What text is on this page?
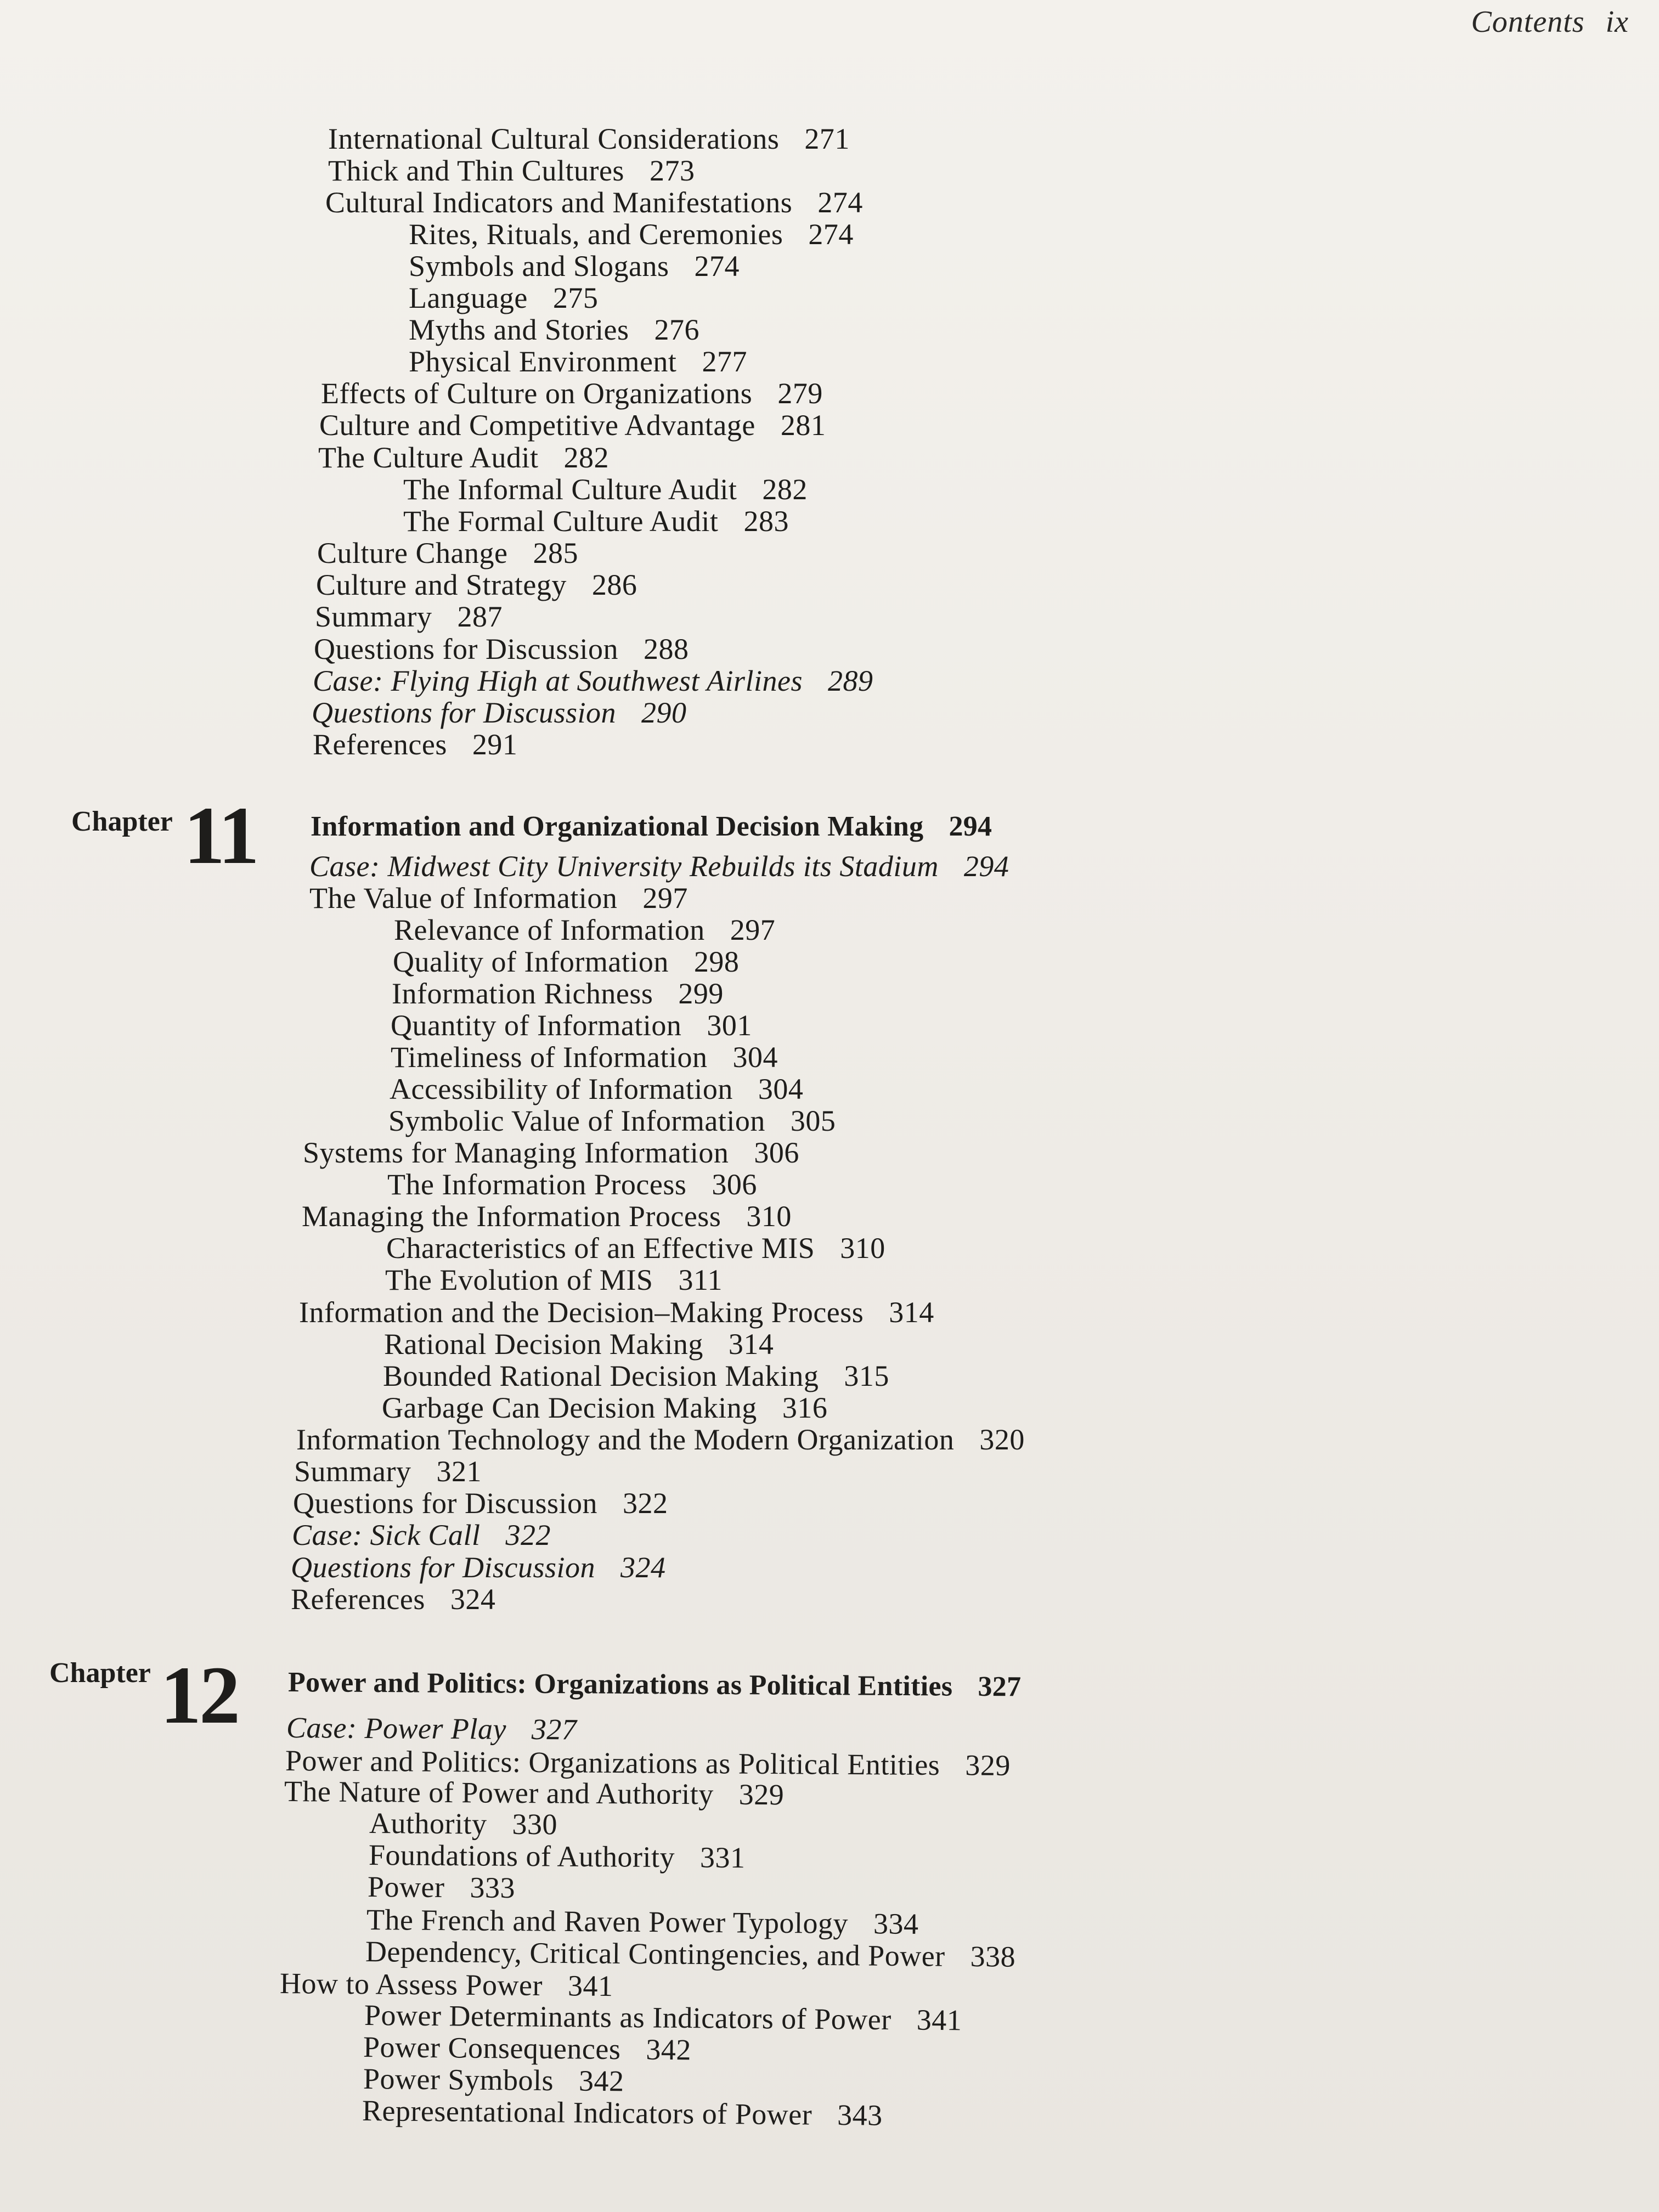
Contents ix
Chapter 11
Chapter 12
International Cultural Considerations 271
Thick and Thin Cultures 273
Cultural Indicators and Manifestations 274
Rites, Rituals, and Ceremonies 274
Symbols and Slogans 274
Language 275
Myths and Stories 276
Physical Environment 277
Effects of Culture on Organizations 279
Culture and Competitive Advantage 281
The Culture Audit 282
The Informal Culture Audit 282
The Formal Culture Audit 283
Culture Change 285
Culture and Strategy 286
Summary 287
Questions for Discussion 288
Case: Flying High at Southwest Airlines 289
Questions for Discussion 290
References 291
Information and Organizational Decision Making 294
Case: Midwest City University Rebuilds its Stadium 294
The Value of Information 297
Relevance of Information 297
Quality of Information 298
Information Richness 299
Quantity of Information 301
Timeliness of Information 304
Accessibility of Information 304
Symbolic Value of Information 305
Systems for Managing Information 306
The Information Process 306
Managing the Information Process 310
Characteristics of an Effective MIS 310
The Evolution of MIS 311
Information and the Decision–Making Process 314
Rational Decision Making 314
Bounded Rational Decision Making 315
Garbage Can Decision Making 316
Information Technology and the Modern Organization 320
Summary 321
Questions for Discussion 322
Case: Sick Call 322
Questions for Discussion 324
References 324
Power and Politics: Organizations as Political Entities 327
Case: Power Play 327
Power and Politics: Organizations as Political Entities 329
The Nature of Power and Authority 329
Authority 330
Foundations of Authority 331
Power 333
The French and Raven Power Typology 334
Dependency, Critical Contingencies, and Power 338
How to Assess Power 341
Power Determinants as Indicators of Power 341
Power Consequences 342
Power Symbols 342
Representational Indicators of Power 343
